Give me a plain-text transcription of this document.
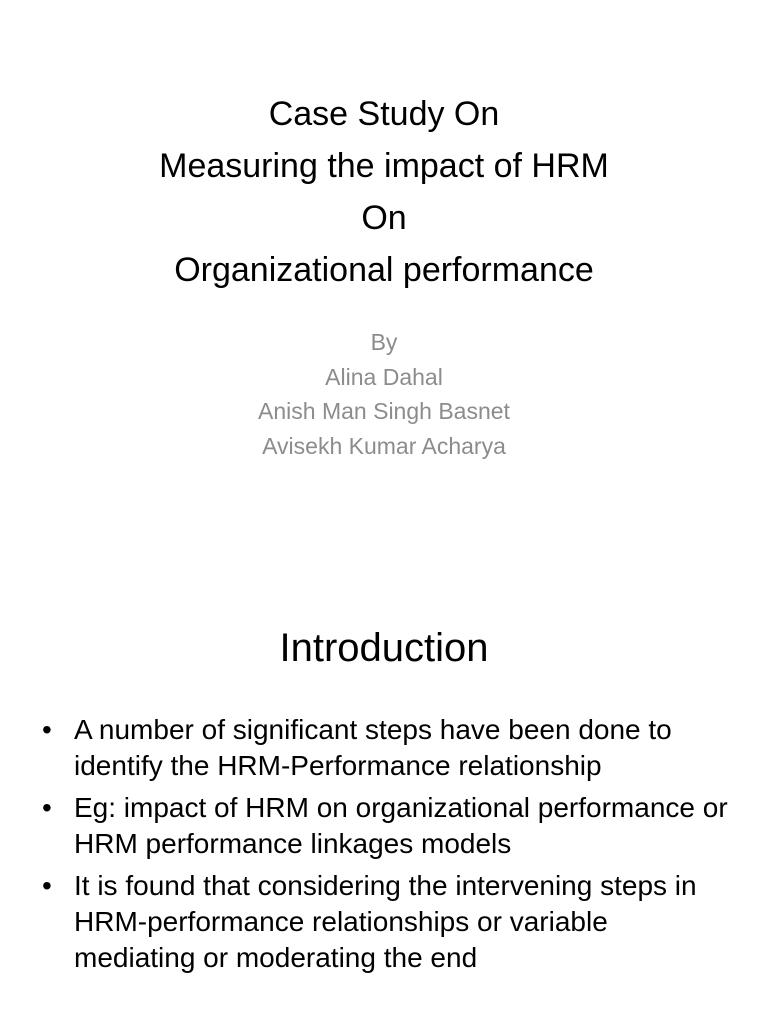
Case Study On
Measuring the impact of HRM
On
Organizational performance
By
Alina Dahal
Anish Man Singh Basnet
Avisekh Kumar Acharya
Introduction
• A number of significant steps have been done to identify the HRM-Performance relationship
• Eg: impact of HRM on organizational performance or HRM performance linkages models
• It is found that considering the intervening steps in HRM-performance relationships or variable mediating or moderating the end
